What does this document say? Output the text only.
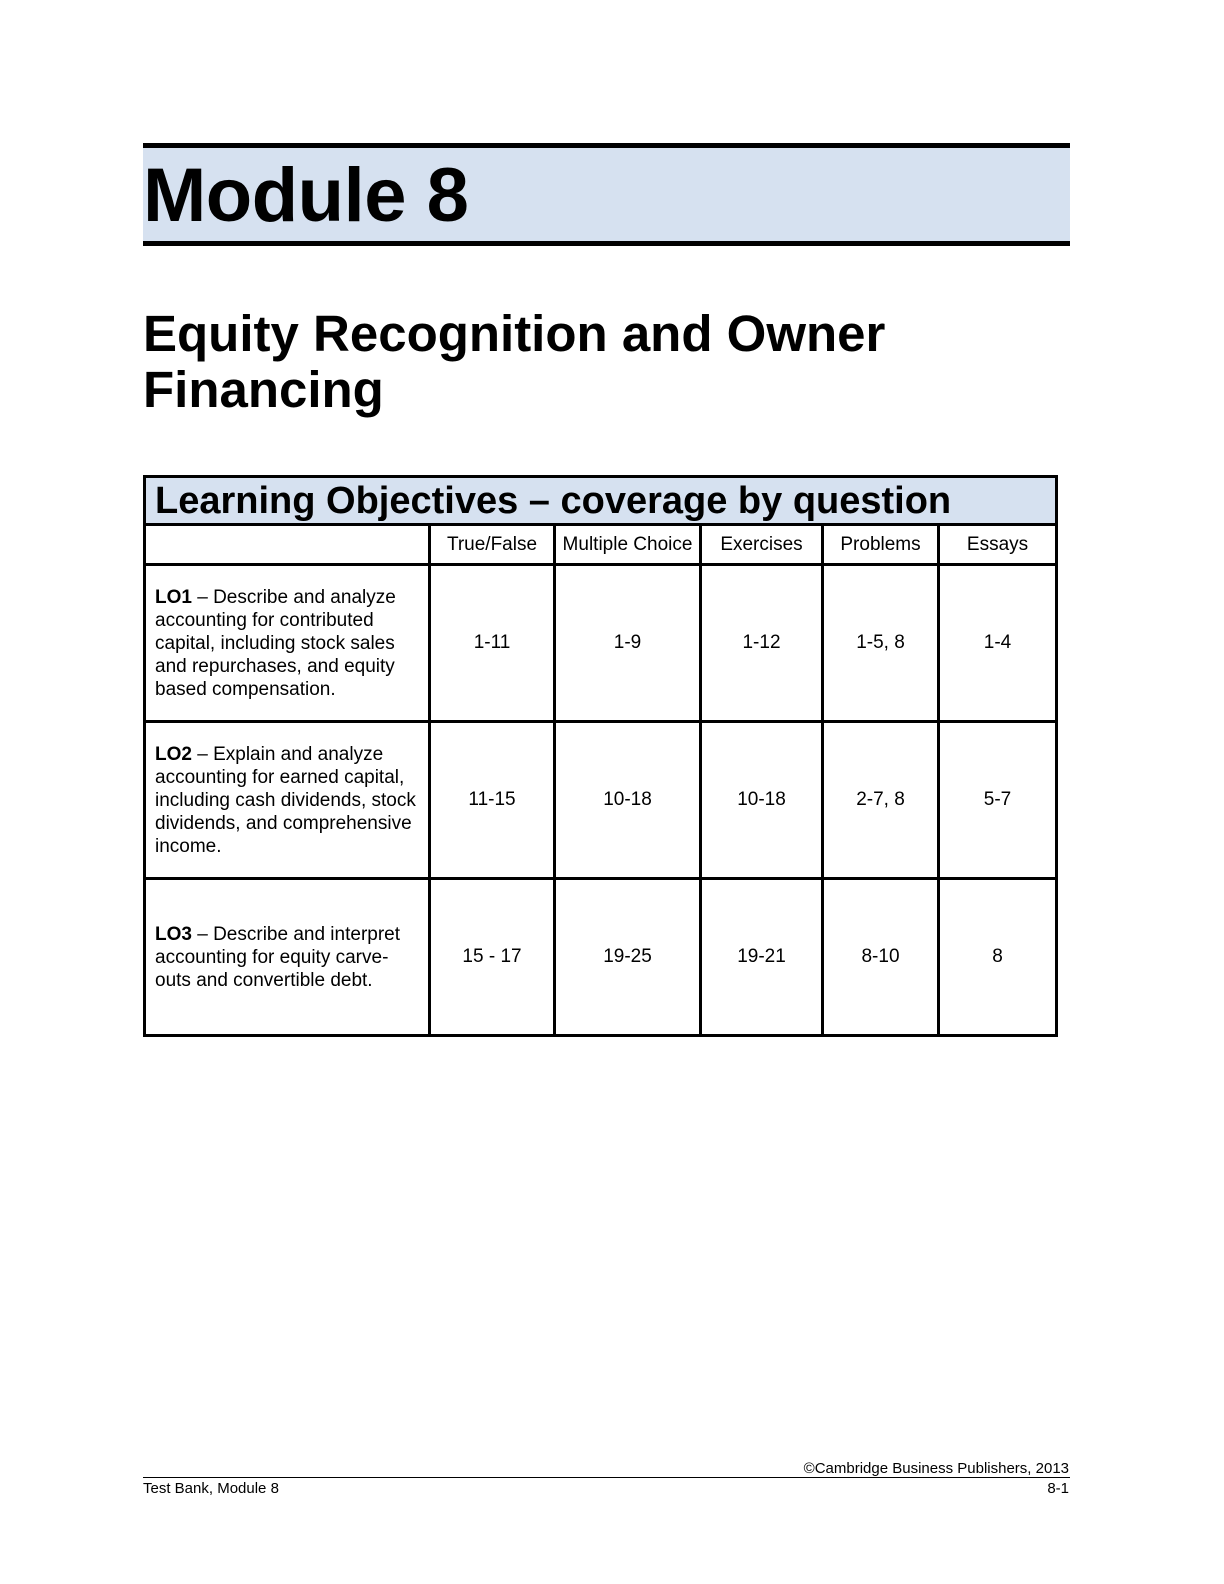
Module 8
Equity Recognition and Owner Financing
Learning Objectives – coverage by question					
	True/False	Multiple Choice	Exercises	Problems	Essays
LO1 – Describe and analyze accounting for contributed capital, including stock sales and repurchases, and equity based compensation.	1-11	1-9	1-12	1-5, 8	1-4
LO2 – Explain and analyze accounting for earned capital, including cash dividends, stock dividends, and comprehensive income.	11-15	10-18	10-18	2-7, 8	5-7
LO3 – Describe and interpret accounting for equity carve-outs and convertible debt.	15 - 17	19-25	19-21	8-10	8
©Cambridge Business Publishers, 2013
Test Bank, Module 8	8-1
